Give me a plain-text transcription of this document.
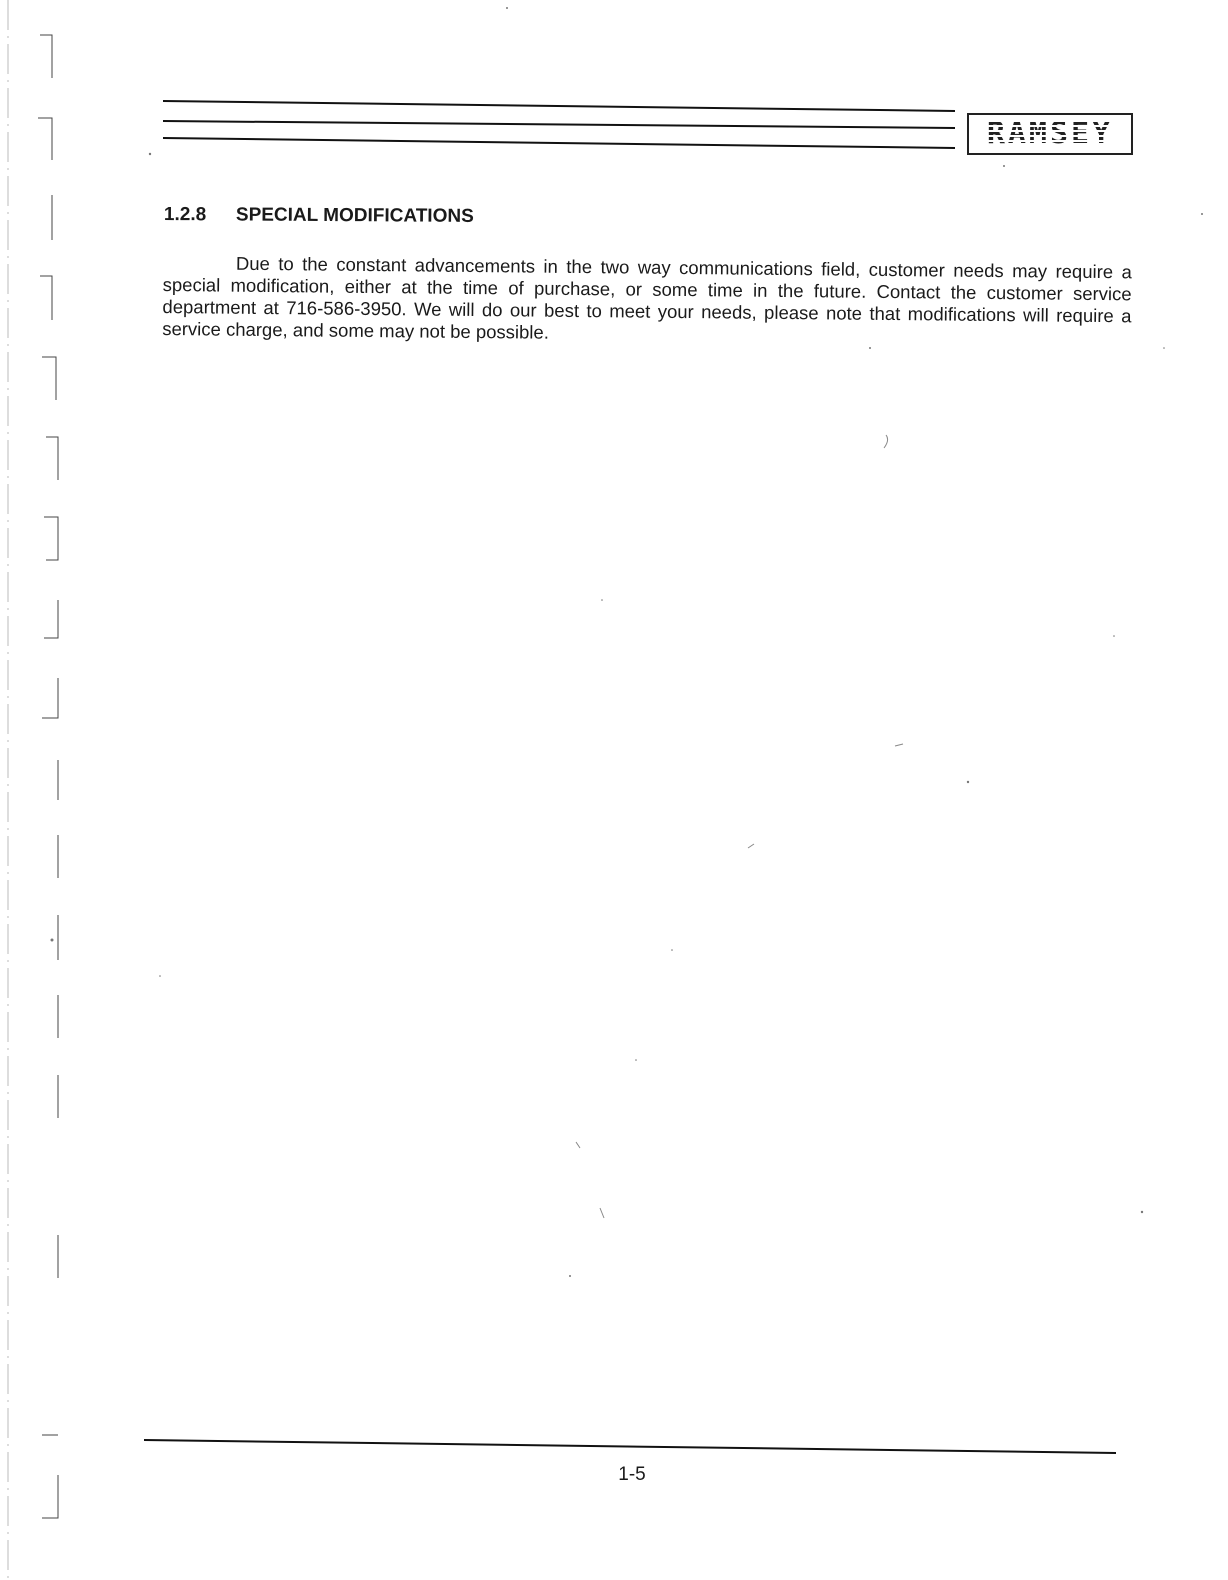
RAMSEY
1.2.8 SPECIAL MODIFICATIONS

Due to the constant advancements in the two way communications field, customer needs may require a special modification, either at the time of purchase, or some time in the future. Contact the customer service department at 716-586-3950. We will do our best to meet your needs, please note that modifications will require a service charge, and some may not be possible.

1-5
